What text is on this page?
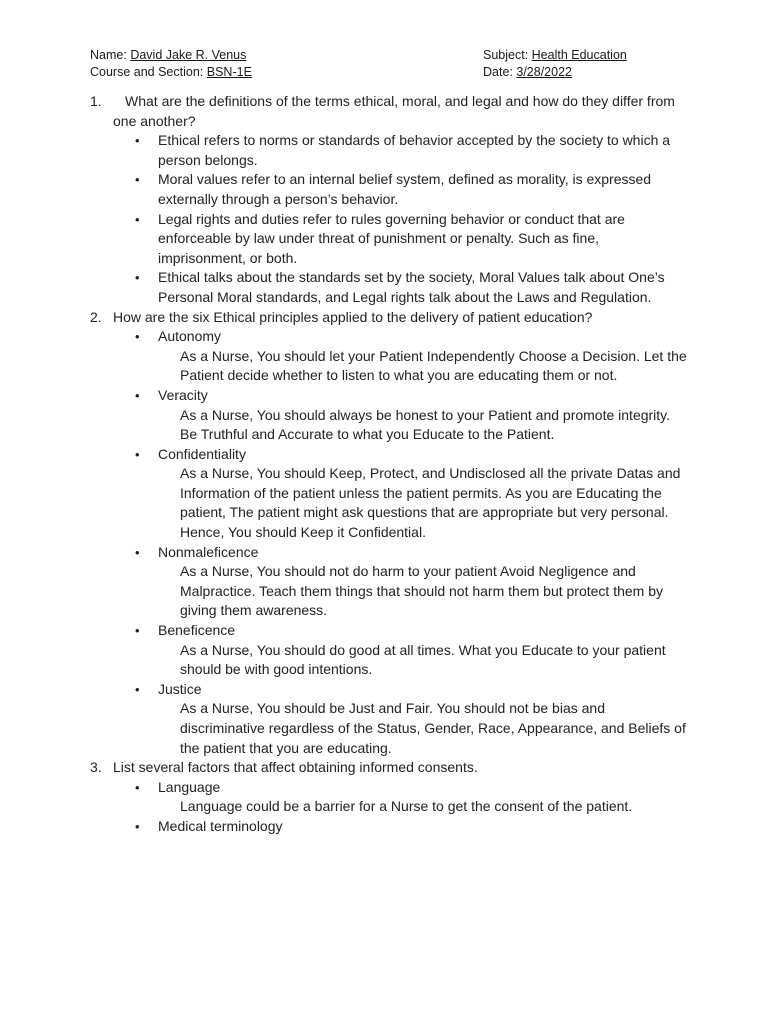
Name: David Jake R. Venus
Course and Section: BSN-1E
Subject: Health Education
Date: 3/28/2022
1.	What are the definitions of the terms ethical, moral, and legal and how do they differ from one another?
• Ethical refers to norms or standards of behavior accepted by the society to which a person belongs.
• Moral values refer to an internal belief system, defined as morality, is expressed externally through a person’s behavior.
• Legal rights and duties refer to rules governing behavior or conduct that are enforceable by law under threat of punishment or penalty. Such as fine, imprisonment, or both.
• Ethical talks about the standards set by the society, Moral Values talk about One’s Personal Moral standards, and Legal rights talk about the Laws and Regulation.
2. How are the six Ethical principles applied to the delivery of patient education?
• Autonomy
As a Nurse, You should let your Patient Independently Choose a Decision. Let the Patient decide whether to listen to what you are educating them or not.
• Veracity
As a Nurse, You should always be honest to your Patient and promote integrity. Be Truthful and Accurate to what you Educate to the Patient.
• Confidentiality
As a Nurse, You should Keep, Protect, and Undisclosed all the private Datas and Information of the patient unless the patient permits. As you are Educating the patient, The patient might ask questions that are appropriate but very personal. Hence, You should Keep it Confidential.
• Nonmaleficence
As a Nurse, You should not do harm to your patient Avoid Negligence and Malpractice. Teach them things that should not harm them but protect them by giving them awareness.
• Beneficence
As a Nurse, You should do good at all times. What you Educate to your patient should be with good intentions.
• Justice
As a Nurse, You should be Just and Fair. You should not be bias and discriminative regardless of the Status, Gender, Race, Appearance, and Beliefs of the patient that you are educating.
3. List several factors that affect obtaining informed consents.
• Language
Language could be a barrier for a Nurse to get the consent of the patient.
• Medical terminology
